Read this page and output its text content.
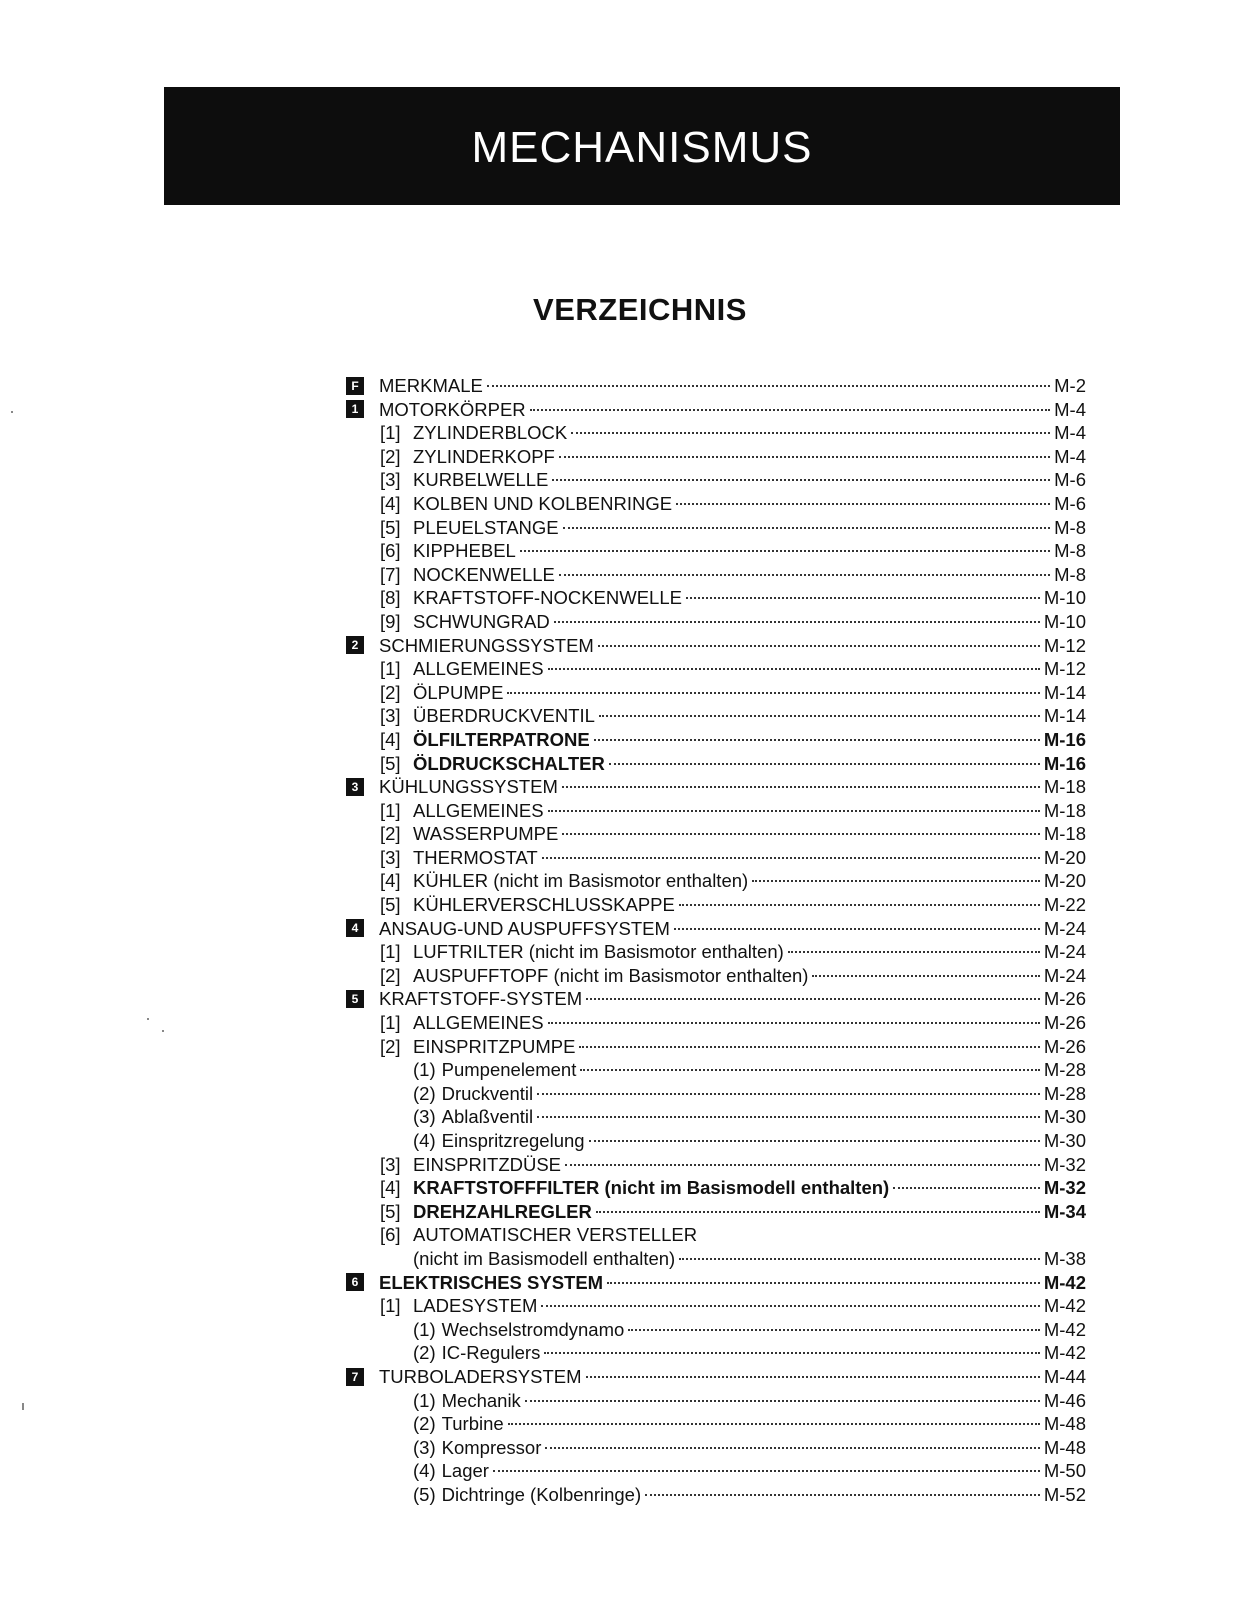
MECHANISMUS
VERZEICHNIS
F MERKMALE	M-2
1	MOTORKÖRPER	M-4
[1] ZYLINDERBLOCK	M-4
[2] ZYLINDERKOPF	M-4
[3] KURBELWELLE	M-6
[4] KOLBEN UND KOLBENRINGE	M-6
[5] PLEUELSTANGE	M-8
[6] KIPPHEBEL	M-8
[7] NOCKENWELLE	M-8
[8] KRAFTSTOFF-NOCKENWELLE	M-10
[9] SCHWUNGRAD	M-10
2	SCHMIERUNGSSYSTEM	M-12
[1] ALLGEMEINES	M-12
[2] ÖLPUMPE	M-14
[3] ÜBERDRUCKVENTIL	M-14
[4] ÖLFILTERPATRONE	M-16
[5] ÖLDRUCKSCHALTER	M-16
3	KÜHLUNGSSYSTEM	M-18
[1] ALLGEMEINES	M-18
[2] WASSERPUMPE	M-18
[3] THERMOSTAT	M-20
[4] KÜHLER (nicht im Basismotor enthalten)	M-20
[5] KÜHLERVERSCHLUSSKAPPE	M-22
4	ANSAUG-UND AUSPUFFSYSTEM	M-24
[1] LUFTRILTER (nicht im Basismotor enthalten)	M-24
[2] AUSPUFFTOPF (nicht im Basismotor enthalten)	M-24
5	KRAFTSTOFF-SYSTEM	M-26
[1] ALLGEMEINES	M-26
[2] EINSPRITZPUMPE	M-26
(1) Pumpenelement	M-28
(2) Druckventil	M-28
(3) Ablaßventil	M-30
(4) Einspritzregelung	M-30
[3] EINSPRITZDÜSE	M-32
[4] KRAFTSTOFFFILTER (nicht im Basismodell enthalten)	M-32
[5] DREHZAHLREGLER	M-34
[6] AUTOMATISCHER VERSTELLER
(nicht im Basismodell enthalten)	M-38
6	ELEKTRISCHES SYSTEM	M-42
[1] LADESYSTEM	M-42
(1) Wechselstromdynamo	M-42
(2) IC-Regulers	M-42
7	TURBOLADERSYSTEM	M-44
(1) Mechanik	M-46
(2) Turbine	M-48
(3) Kompressor	M-48
(4) Lager	M-50
(5) Dichtringe (Kolbenringe)	M-52
